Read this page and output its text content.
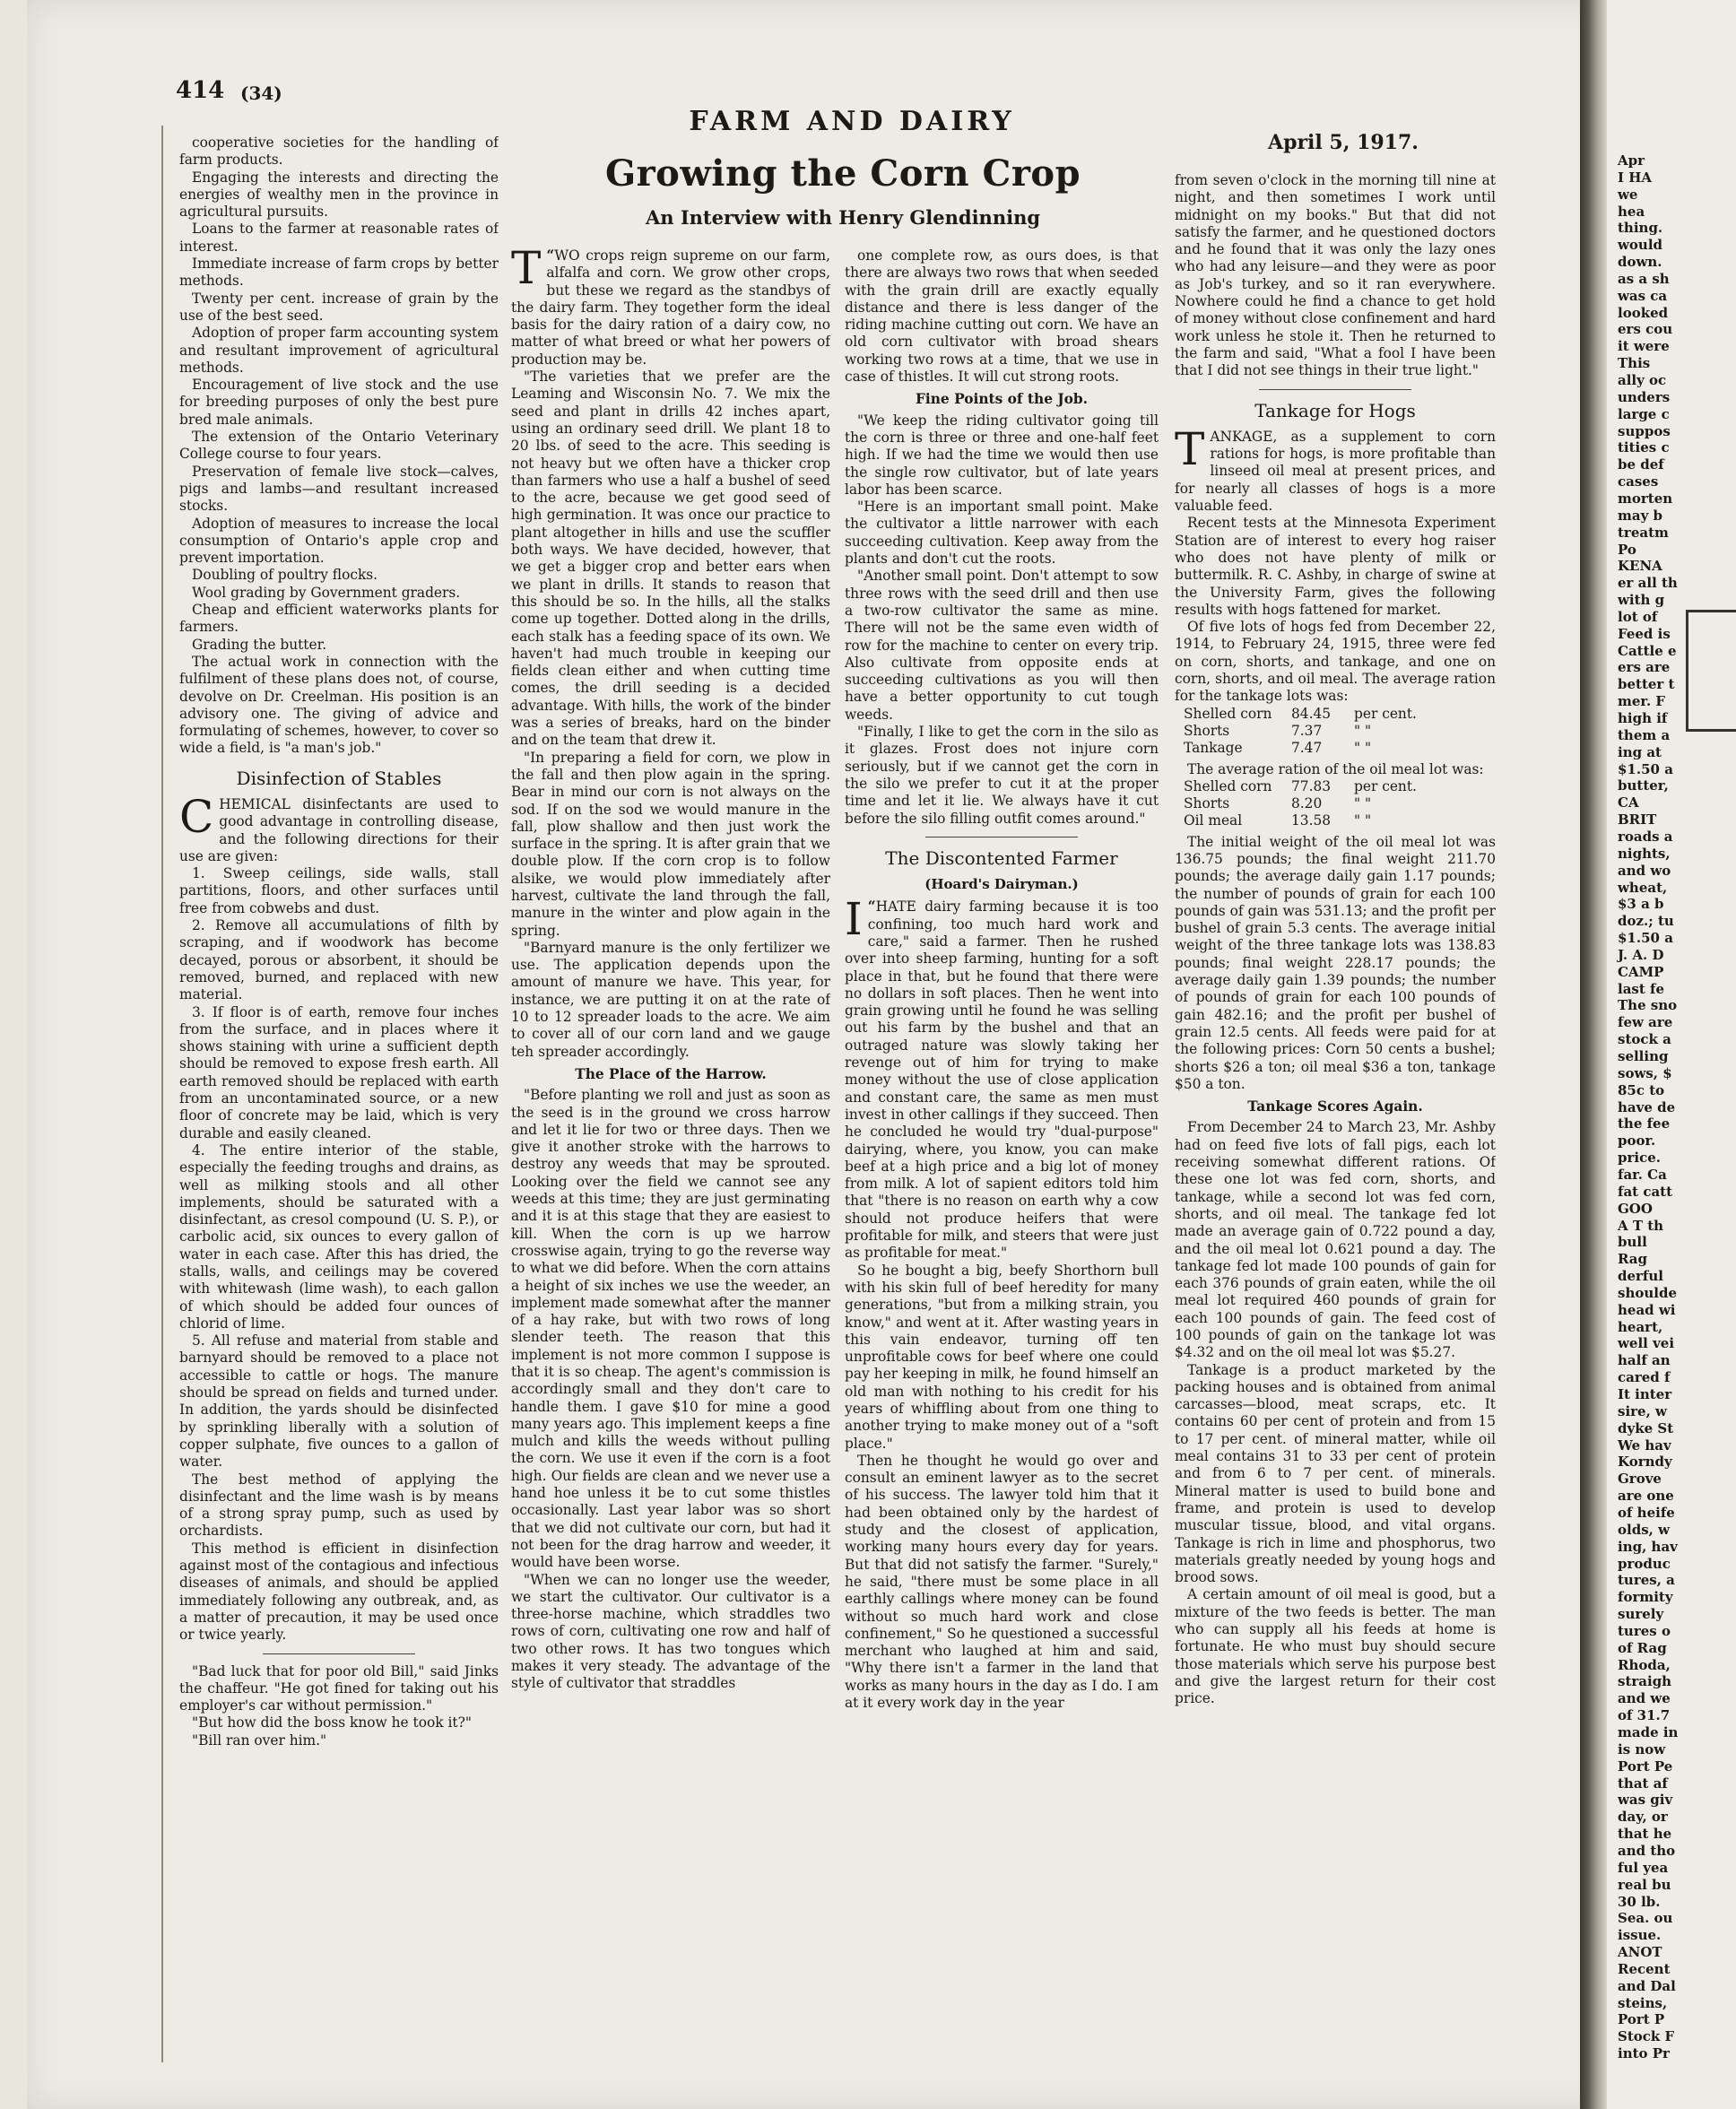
Apr
I HA
we
hea
thing.
would
down.
as a sh
was ca
looked
ers cou
it were
This
ally oc
unders
large c
suppos
tities c
be def
cases
morten
may b
treatm
Po
KENA
er all th
with g
lot of
Feed is
Cattle e
ers are
better t
mer. F
high if
them a
ing at
$1.50 a
butter,
CA
BRIT
roads a
nights,
and wo
wheat,
$3 a b
doz.; tu
$1.50 a
J. A. D
CAMP
last fe
The sno
few are
stock a
selling
sows, $
85c to
have de
the fee
poor.
price.
far. Ca
fat catt
GOO
A T th
bull
Rag
derful
shoulde
head wi
heart,
well vei
half an
cared f
It inter
sire, w
dyke St
We hav
Korndy
Grove
are one
of heife
olds, w
ing, hav
produc
tures, a
formity
surely
tures o
of Rag
Rhoda,
straigh
and we
of 31.7
made in
is now
Port Pe
that af
was giv
day, or
that he
and tho
ful yea
real bu
30 lb.
Sea. ou
issue.
ANOT
Recent
and Dal
steins,
Port P
Stock F
into Pr
414 (34)
FARM AND DAIRY
April 5, 1917.
Growing the Corn Crop
An Interview with Henry Glendinning

cooperative societies for the handling of farm products.

Engaging the interests and directing the energies of wealthy men in the province in agricultural pursuits.

Loans to the farmer at reasonable rates of interest.

Immediate increase of farm crops by better methods.

Twenty per cent. increase of grain by the use of the best seed.

Adoption of proper farm accounting system and resultant improvement of agricultural methods.

Encouragement of live stock and the use for breeding purposes of only the best pure bred male animals.

The extension of the Ontario Veterinary College course to four years.

Preservation of female live stock—calves, pigs and lambs—and resultant increased stocks.

Adoption of measures to increase the local consumption of Ontario's apple crop and prevent importation.

Doubling of poultry flocks.

Wool grading by Government graders.

Cheap and efficient waterworks plants for farmers.

Grading the butter.

The actual work in connection with the fulfilment of these plans does not, of course, devolve on Dr. Creelman. His position is an advisory one. The giving of advice and formulating of schemes, however, to cover so wide a field, is "a man's job."

Disinfection of Stables

CHEMICAL disinfectants are used to good advantage in controlling disease, and the following directions for their use are given:

1. Sweep ceilings, side walls, stall partitions, floors, and other surfaces until free from cobwebs and dust.

2. Remove all accumulations of filth by scraping, and if woodwork has become decayed, porous or absorbent, it should be removed, burned, and replaced with new material.

3. If floor is of earth, remove four inches from the surface, and in places where it shows staining with urine a sufficient depth should be removed to expose fresh earth. All earth removed should be replaced with earth from an uncontaminated source, or a new floor of concrete may be laid, which is very durable and easily cleaned.

4. The entire interior of the stable, especially the feeding troughs and drains, as well as milking stools and all other implements, should be saturated with a disinfectant, as cresol compound (U. S. P.), or carbolic acid, six ounces to every gallon of water in each case. After this has dried, the stalls, walls, and ceilings may be covered with whitewash (lime wash), to each gallon of which should be added four ounces of chlorid of lime.

5. All refuse and material from stable and barnyard should be removed to a place not accessible to cattle or hogs. The manure should be spread on fields and turned under. In addition, the yards should be disinfected by sprinkling liberally with a solution of copper sulphate, five ounces to a gallon of water.

The best method of applying the disinfectant and the lime wash is by means of a strong spray pump, such as used by orchardists.

This method is efficient in disinfection against most of the contagious and infectious diseases of animals, and should be applied immediately following any outbreak, and, as a matter of precaution, it may be used once or twice yearly.

"Bad luck that for poor old Bill," said Jinks the chaffeur. "He got fined for taking out his employer's car without permission."

"But how did the boss know he took it?"

"Bill ran over him."

“
T WO crops reign supreme on our farm, alfalfa and corn. We grow other crops, but these we regard as the standbys of the dairy farm. They together form the ideal basis for the dairy ration of a dairy cow, no matter of what breed or what her powers of production may be.

"The varieties that we prefer are the Leaming and Wisconsin No. 7. We mix the seed and plant in drills 42 inches apart, using an ordinary seed drill. We plant 18 to 20 lbs. of seed to the acre. This seeding is not heavy but we often have a thicker crop than farmers who use a half a bushel of seed to the acre, because we get good seed of high germination. It was once our practice to plant altogether in hills and use the scuffler both ways. We have decided, however, that we get a bigger crop and better ears when we plant in drills. It stands to reason that this should be so. In the hills, all the stalks come up together. Dotted along in the drills, each stalk has a feeding space of its own. We haven't had much trouble in keeping our fields clean either and when cutting time comes, the drill seeding is a decided advantage. With hills, the work of the binder was a series of breaks, hard on the binder and on the team that drew it.

"In preparing a field for corn, we plow in the fall and then plow again in the spring. Bear in mind our corn is not always on the sod. If on the sod we would manure in the fall, plow shallow and then just work the surface in the spring. It is after grain that we double plow. If the corn crop is to follow alsike, we would plow immediately after harvest, cultivate the land through the fall, manure in the winter and plow again in the spring.

"Barnyard manure is the only fertilizer we use. The application depends upon the amount of manure we have. This year, for instance, we are putting it on at the rate of 10 to 12 spreader loads to the acre. We aim to cover all of our corn land and we gauge teh spreader accordingly.

The Place of the Harrow.

"Before planting we roll and just as soon as the seed is in the ground we cross harrow and let it lie for two or three days. Then we give it another stroke with the harrows to destroy any weeds that may be sprouted. Looking over the field we cannot see any weeds at this time; they are just germinating and it is at this stage that they are easiest to kill. When the corn is up we harrow crosswise again, trying to go the reverse way to what we did before. When the corn attains a height of six inches we use the weeder, an implement made somewhat after the manner of a hay rake, but with two rows of long slender teeth. The reason that this implement is not more common I suppose is that it is so cheap. The agent's commission is accordingly small and they don't care to handle them. I gave $10 for mine a good many years ago. This implement keeps a fine mulch and kills the weeds without pulling the corn. We use it even if the corn is a foot high. Our fields are clean and we never use a hand hoe unless it be to cut some thistles occasionally. Last year labor was so short that we did not cultivate our corn, but had it not been for the drag harrow and weeder, it would have been worse.

"When we can no longer use the weeder, we start the cultivator. Our cultivator is a three-horse machine, which straddles two rows of corn, cultivating one row and half of two other rows. It has two tongues which makes it very steady. The advantage of the style of cultivator that straddles

one complete row, as ours does, is that there are always two rows that when seeded with the grain drill are exactly equally distance and there is less danger of the riding machine cutting out corn. We have an old corn cultivator with broad shears working two rows at a time, that we use in case of thistles. It will cut strong roots.

Fine Points of the Job.

"We keep the riding cultivator going till the corn is three or three and one-half feet high. If we had the time we would then use the single row cultivator, but of late years labor has been scarce.

"Here is an important small point. Make the cultivator a little narrower with each succeeding cultivation. Keep away from the plants and don't cut the roots.

"Another small point. Don't attempt to sow three rows with the seed drill and then use a two-row cultivator the same as mine. There will not be the same even width of row for the machine to center on every trip. Also cultivate from opposite ends at succeeding cultivations as you will then have a better opportunity to cut tough weeds.

"Finally, I like to get the corn in the silo as it glazes. Frost does not injure corn seriously, but if we cannot get the corn in the silo we prefer to cut it at the proper time and let it lie. We always have it cut before the silo filling outfit comes around."

The Discontented Farmer
(Hoard's Dairyman.)

“
I HATE dairy farming because it is too confining, too much hard work and care," said a farmer. Then he rushed over into sheep farming, hunting for a soft place in that, but he found that there were no dollars in soft places. Then he went into grain growing until he found he was selling out his farm by the bushel and that an outraged nature was slowly taking her revenge out of him for trying to make money without the use of close application and constant care, the same as men must invest in other callings if they succeed. Then he concluded he would try "dual-purpose" dairying, where, you know, you can make beef at a high price and a big lot of money from milk. A lot of sapient editors told him that "there is no reason on earth why a cow should not produce heifers that were profitable for milk, and steers that were just as profitable for meat."

So he bought a big, beefy Shorthorn bull with his skin full of beef heredity for many generations, "but from a milking strain, you know," and went at it. After wasting years in this vain endeavor, turning off ten unprofitable cows for beef where one could pay her keeping in milk, he found himself an old man with nothing to his credit for his years of whiffling about from one thing to another trying to make money out of a "soft place."

Then he thought he would go over and consult an eminent lawyer as to the secret of his success. The lawyer told him that it had been obtained only by the hardest of study and the closest of application, working many hours every day for years. But that did not satisfy the farmer. "Surely," he said, "there must be some place in all earthly callings where money can be found without so much hard work and close confinement," So he questioned a successful merchant who laughed at him and said, "Why there isn't a farmer in the land that works as many hours in the day as I do. I am at it every work day in the year

from seven o'clock in the morning till nine at night, and then sometimes I work until midnight on my books." But that did not satisfy the farmer, and he questioned doctors and he found that it was only the lazy ones who had any leisure—and they were as poor as Job's turkey, and so it ran everywhere. Nowhere could he find a chance to get hold of money without close confinement and hard work unless he stole it. Then he returned to the farm and said, "What a fool I have been that I did not see things in their true light."

Tankage for Hogs

TANKAGE, as a supplement to corn rations for hogs, is more profitable than linseed oil meal at present prices, and for nearly all classes of hogs is a more valuable feed.

Recent tests at the Minnesota Experiment Station are of interest to every hog raiser who does not have plenty of milk or buttermilk. R. C. Ashby, in charge of swine at the University Farm, gives the following results with hogs fattened for market.

Of five lots of hogs fed from December 22, 1914, to February 24, 1915, three were fed on corn, shorts, and tankage, and one on corn, shorts, and oil meal. The average ration for the tankage lots was:

Shelled corn	84.45	per cent.
Shorts	7.37	" "
Tankage	7.47	" "

The average ration of the oil meal lot was:

Shelled corn	77.83	per cent.
Shorts	8.20	" "
Oil meal	13.58	" "

The initial weight of the oil meal lot was 136.75 pounds; the final weight 211.70 pounds; the average daily gain 1.17 pounds; the number of pounds of grain for each 100 pounds of gain was 531.13; and the profit per bushel of grain 5.3 cents. The average initial weight of the three tankage lots was 138.83 pounds; final weight 228.17 pounds; the average daily gain 1.39 pounds; the number of pounds of grain for each 100 pounds of gain 482.16; and the profit per bushel of grain 12.5 cents. All feeds were paid for at the following prices: Corn 50 cents a bushel; shorts $26 a ton; oil meal $36 a ton, tankage $50 a ton.

Tankage Scores Again.

From December 24 to March 23, Mr. Ashby had on feed five lots of fall pigs, each lot receiving somewhat different rations. Of these one lot was fed corn, shorts, and tankage, while a second lot was fed corn, shorts, and oil meal. The tankage fed lot made an average gain of 0.722 pound a day, and the oil meal lot 0.621 pound a day. The tankage fed lot made 100 pounds of gain for each 376 pounds of grain eaten, while the oil meal lot required 460 pounds of grain for each 100 pounds of gain. The feed cost of 100 pounds of gain on the tankage lot was $4.32 and on the oil meal lot was $5.27.

Tankage is a product marketed by the packing houses and is obtained from animal carcasses—blood, meat scraps, etc. It contains 60 per cent of protein and from 15 to 17 per cent. of mineral matter, while oil meal contains 31 to 33 per cent of protein and from 6 to 7 per cent. of minerals. Mineral matter is used to build bone and frame, and protein is used to develop muscular tissue, blood, and vital organs. Tankage is rich in lime and phosphorus, two materials greatly needed by young hogs and brood sows.

A certain amount of oil meal is good, but a mixture of the two feeds is better. The man who can supply all his feeds at home is fortunate. He who must buy should secure those materials which serve his purpose best and give the largest return for their cost price.
